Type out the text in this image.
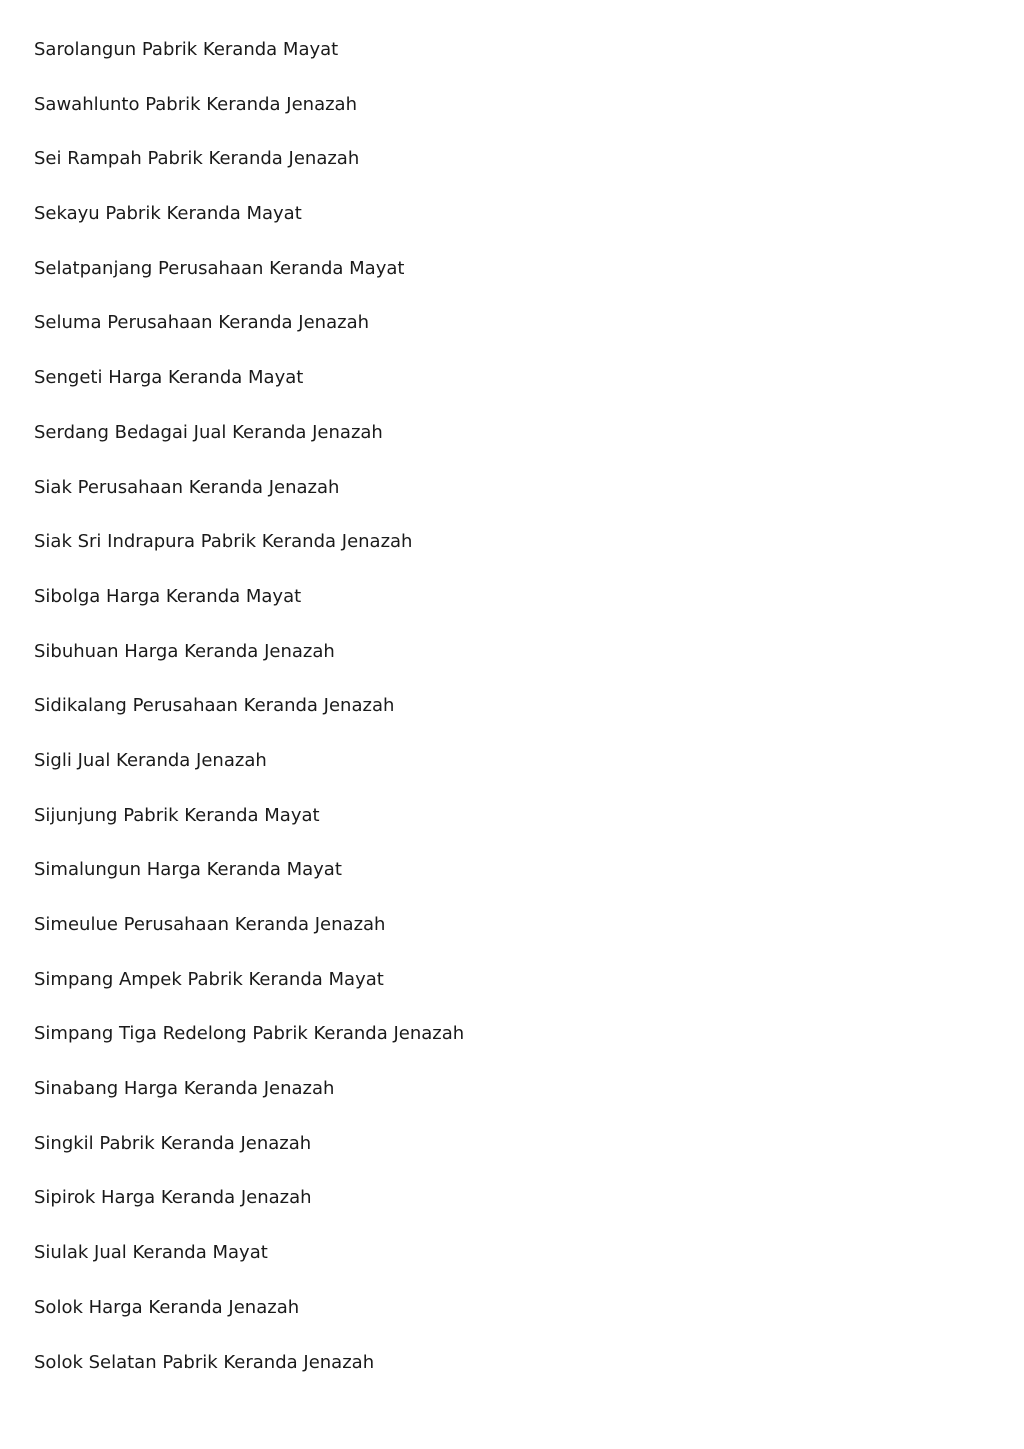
Sarolangun Pabrik Keranda Mayat
Sawahlunto Pabrik Keranda Jenazah
Sei Rampah Pabrik Keranda Jenazah
Sekayu Pabrik Keranda Mayat
Selatpanjang Perusahaan Keranda Mayat
Seluma Perusahaan Keranda Jenazah
Sengeti Harga Keranda Mayat
Serdang Bedagai Jual Keranda Jenazah
Siak Perusahaan Keranda Jenazah
Siak Sri Indrapura Pabrik Keranda Jenazah
Sibolga Harga Keranda Mayat
Sibuhuan Harga Keranda Jenazah
Sidikalang Perusahaan Keranda Jenazah
Sigli Jual Keranda Jenazah
Sijunjung Pabrik Keranda Mayat
Simalungun Harga Keranda Mayat
Simeulue Perusahaan Keranda Jenazah
Simpang Ampek Pabrik Keranda Mayat
Simpang Tiga Redelong Pabrik Keranda Jenazah
Sinabang Harga Keranda Jenazah
Singkil Pabrik Keranda Jenazah
Sipirok Harga Keranda Jenazah
Siulak Jual Keranda Mayat
Solok Harga Keranda Jenazah
Solok Selatan Pabrik Keranda Jenazah
